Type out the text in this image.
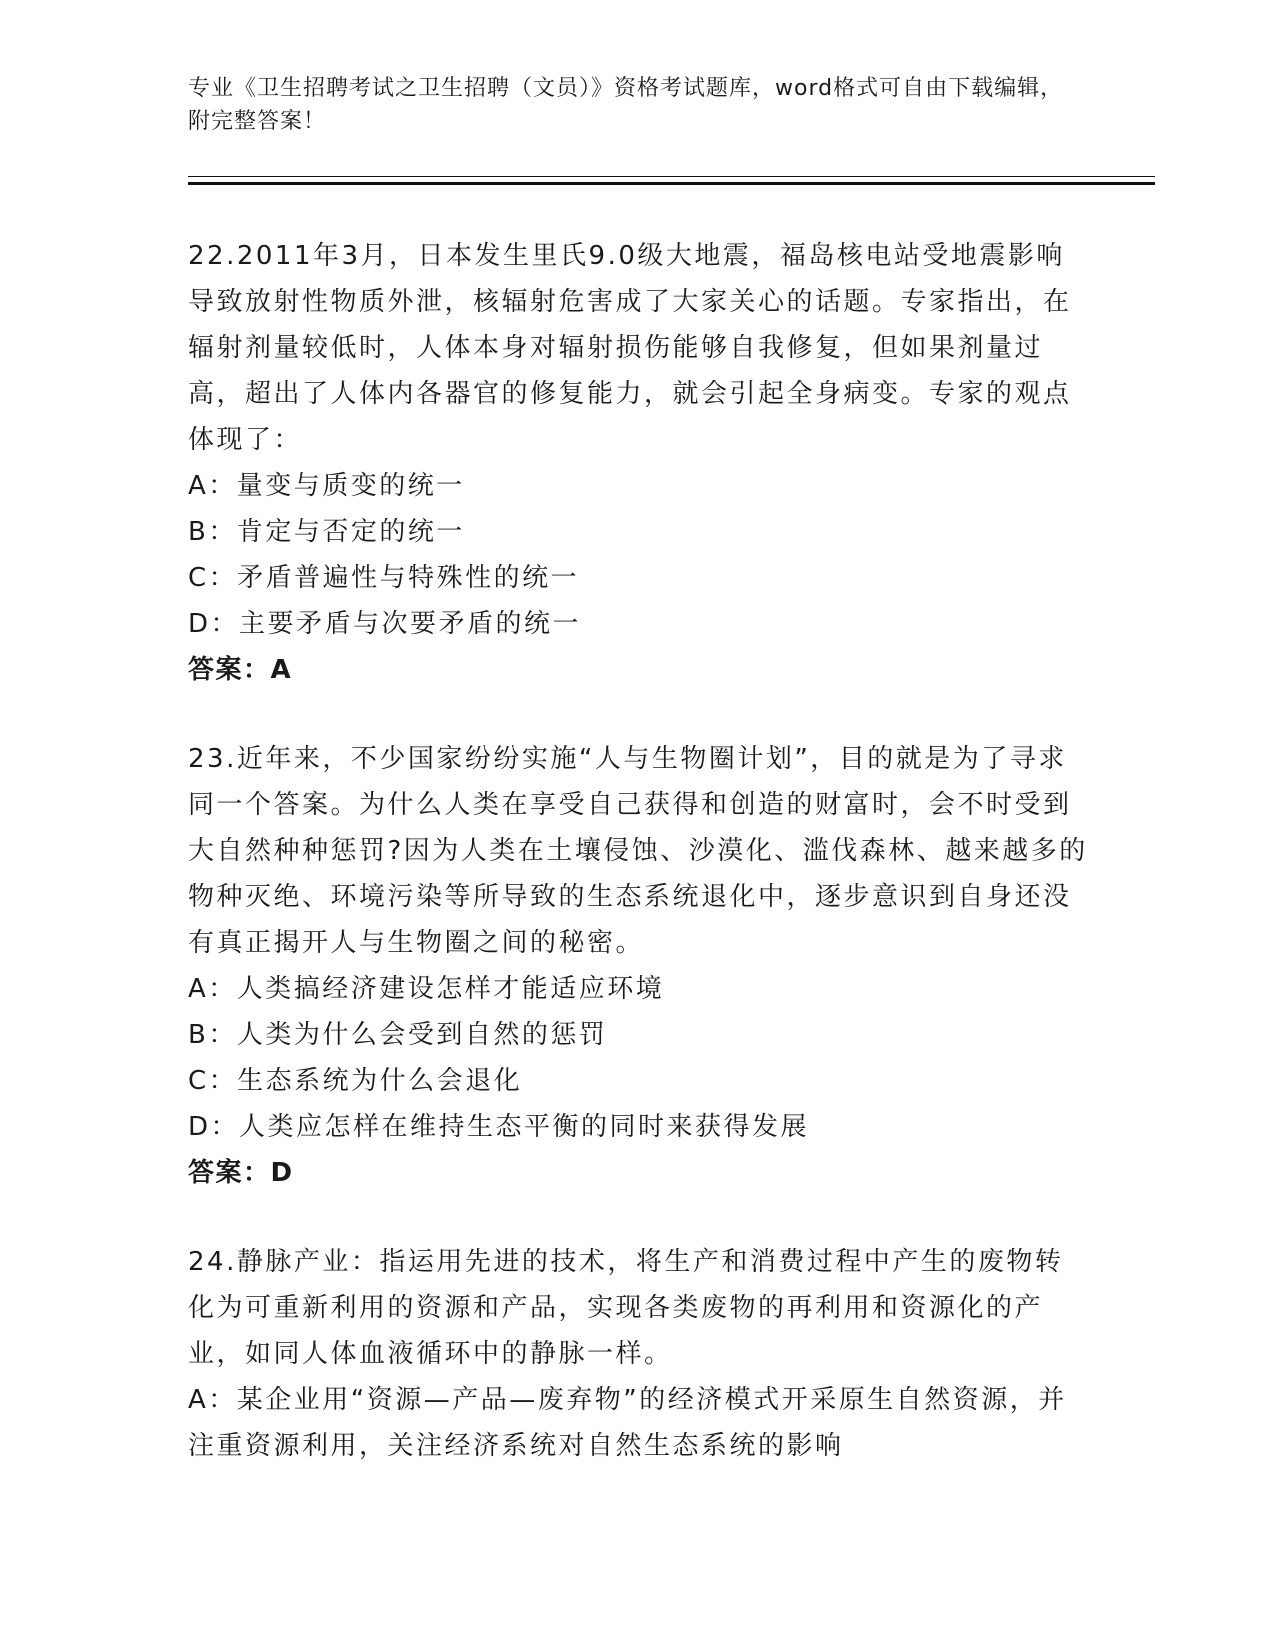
专业《卫生招聘考试之卫生招聘（文员）》资格考试题库，word格式可自由下载编辑，附完整答案！

22.2011年3月，日本发生里氏9.0级大地震，福岛核电站受地震影响导致放射性物质外泄，核辐射危害成了大家关心的话题。专家指出，在辐射剂量较低时，人体本身对辐射损伤能够自我修复，但如果剂量过高，超出了人体内各器官的修复能力，就会引起全身病变。专家的观点体现了：

A：量变与质变的统一
B：肯定与否定的统一
C：矛盾普遍性与特殊性的统一
D：主要矛盾与次要矛盾的统一
答案：A

23.近年来，不少国家纷纷实施“人与生物圈计划”，目的就是为了寻求同一个答案。为什么人类在享受自己获得和创造的财富时，会不时受到大自然种种惩罚?因为人类在土壤侵蚀、沙漠化、滥伐森林、越来越多的物种灭绝、环境污染等所导致的生态系统退化中，逐步意识到自身还没有真正揭开人与生物圈之间的秘密。

A：人类搞经济建设怎样才能适应环境
B：人类为什么会受到自然的惩罚
C：生态系统为什么会退化
D：人类应怎样在维持生态平衡的同时来获得发展
答案：D

24.静脉产业：指运用先进的技术，将生产和消费过程中产生的废物转化为可重新利用的资源和产品，实现各类废物的再利用和资源化的产业，如同人体血液循环中的静脉一样。

A：某企业用“资源—产品—废弃物”的经济模式开采原生自然资源，并注重资源利用，关注经济系统对自然生态系统的影响
